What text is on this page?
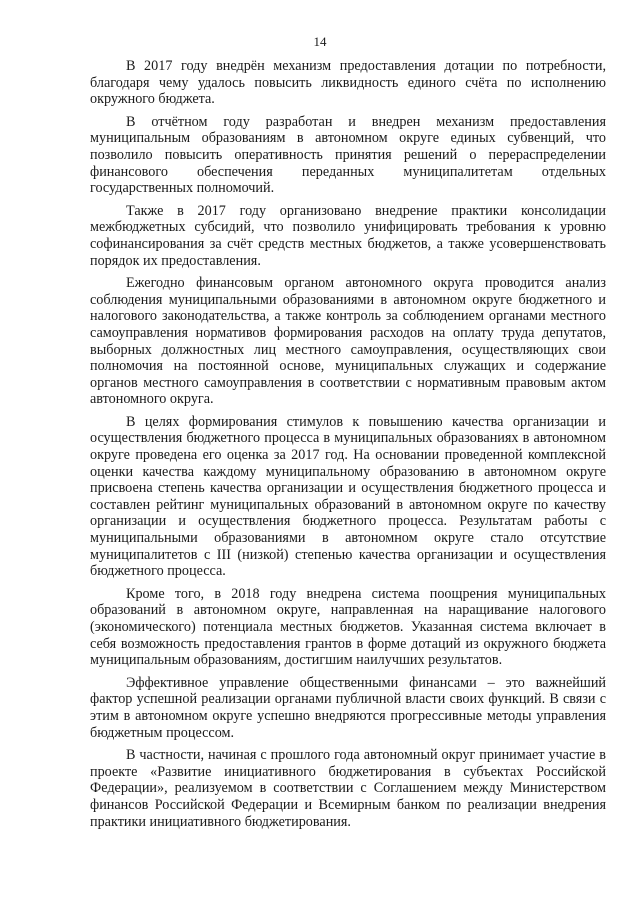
14

В 2017 году внедрён механизм предоставления дотации по потребности, благодаря чему удалось повысить ликвидность единого счёта по исполнению окружного бюджета.

В отчётном году разработан и внедрен механизм предоставления муниципальным образованиям в автономном округе единых субвенций, что позволило повысить оперативность принятия решений о перераспределении финансового обеспечения переданных муниципалитетам отдельных государственных полномочий.

Также в 2017 году организовано внедрение практики консолидации межбюджетных субсидий, что позволило унифицировать требования к уровню софинансирования за счёт средств местных бюджетов, а также усовершенствовать порядок их предоставления.

Ежегодно финансовым органом автономного округа проводится анализ соблюдения муниципальными образованиями в автономном округе бюджетного и налогового законодательства, а также контроль за соблюдением органами местного самоуправления нормативов формирования расходов на оплату труда депутатов, выборных должностных лиц местного самоуправления, осуществляющих свои полномочия на постоянной основе, муниципальных служащих и содержание органов местного самоуправления в соответствии с нормативным правовым актом автономного округа.

В целях формирования стимулов к повышению качества организации и осуществления бюджетного процесса в муниципальных образованиях в автономном округе проведена его оценка за 2017 год. На основании проведенной комплексной оценки качества каждому муниципальному образованию в автономном округе присвоена степень качества организации и осуществления бюджетного процесса и составлен рейтинг муниципальных образований в автономном округе по качеству организации и осуществления бюджетного процесса. Результатам работы с муниципальными образованиями в автономном округе стало отсутствие муниципалитетов с III (низкой) степенью качества организации и осуществления бюджетного процесса.

Кроме того, в 2018 году внедрена система поощрения муниципальных образований в автономном округе, направленная на наращивание налогового (экономического) потенциала местных бюджетов. Указанная система включает в себя возможность предоставления грантов в форме дотаций из окружного бюджета муниципальным образованиям, достигшим наилучших результатов.

Эффективное управление общественными финансами – это важнейший фактор успешной реализации органами публичной власти своих функций. В связи с этим в автономном округе успешно внедряются прогрессивные методы управления бюджетным процессом.

В частности, начиная с прошлого года автономный округ принимает участие в проекте «Развитие инициативного бюджетирования в субъектах Российской Федерации», реализуемом в соответствии с Соглашением между Министерством финансов Российской Федерации и Всемирным банком по реализации внедрения практики инициативного бюджетирования.
